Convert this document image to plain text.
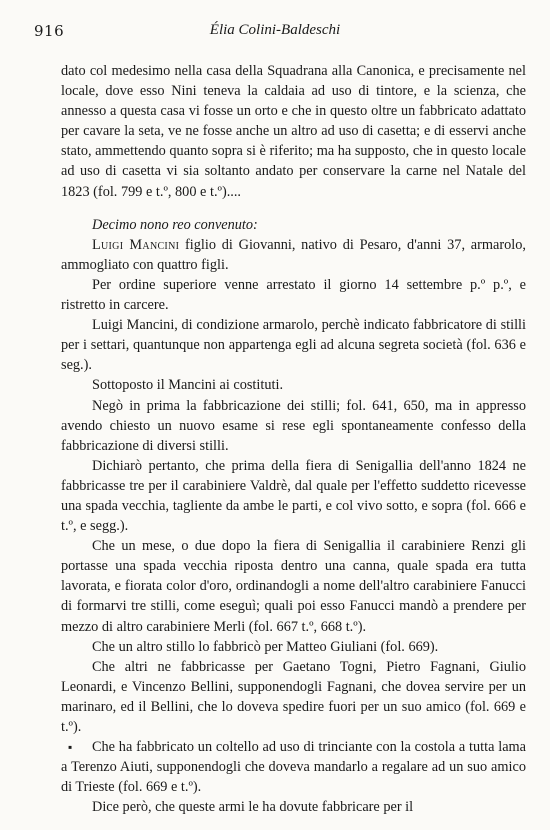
916	Élia Colini-Baldeschi

dato col medesimo nella casa della Squadrana alla Canonica, e precisamente nel locale, dove esso Nini teneva la caldaia ad uso di tintore, e la scienza, che annesso a questa casa vi fosse un orto e che in questo oltre un fabbricato adattato per cavare la seta, ve ne fosse anche un altro ad uso di casetta; e di esservi anche stato, ammettendo quanto sopra si è riferito; ma ha supposto, che in questo locale ad uso di casetta vi sia soltanto andato per conservare la carne nel Natale del 1823 (fol. 799 e t.º, 800 e t.º)....

Decimo nono reo convenuto:

Luigi Mancini figlio di Giovanni, nativo di Pesaro, d'anni 37, armarolo, ammogliato con quattro figli.

Per ordine superiore venne arrestato il giorno 14 settembre p.º p.º, e ristretto in carcere.

Luigi Mancini, di condizione armarolo, perchè indicato fabbricatore di stilli per i settari, quantunque non appartenga egli ad alcuna segreta società (fol. 636 e seg.).

Sottoposto il Mancini ai costituti.

Negò in prima la fabbricazione dei stilli; fol. 641, 650, ma in appresso avendo chiesto un nuovo esame si rese egli spontaneamente confesso della fabbricazione di diversi stilli.

Dichiarò pertanto, che prima della fiera di Senigallia dell'anno 1824 ne fabbricasse tre per il carabiniere Valdrè, dal quale per l'effetto suddetto ricevesse una spada vecchia, tagliente da ambe le parti, e col vivo sotto, e sopra (fol. 666 e t.º, e segg.).

Che un mese, o due dopo la fiera di Senigallia il carabiniere Renzi gli portasse una spada vecchia riposta dentro una canna, quale spada era tutta lavorata, e fiorata color d'oro, ordinandogli a nome dell'altro carabiniere Fanucci di formarvi tre stilli, come eseguì; quali poi esso Fanucci mandò a prendere per mezzo di altro carabiniere Merli (fol. 667 t.º, 668 t.º).

Che un altro stillo lo fabbricò per Matteo Giuliani (fol. 669).

Che altri ne fabbricasse per Gaetano Togni, Pietro Fagnani, Giulio Leonardi, e Vincenzo Bellini, supponendogli Fagnani, che dovea servire per un marinaro, ed il Bellini, che lo doveva spedire fuori per un suo amico (fol. 669 e t.º).

▪ Che ha fabbricato un coltello ad uso di trinciante con la costola a tutta lama a Terenzo Aiuti, supponendogli che doveva mandarlo a regalare ad un suo amico di Trieste (fol. 669 e t.º).

Dice però, che queste armi le ha dovute fabbricare per il
